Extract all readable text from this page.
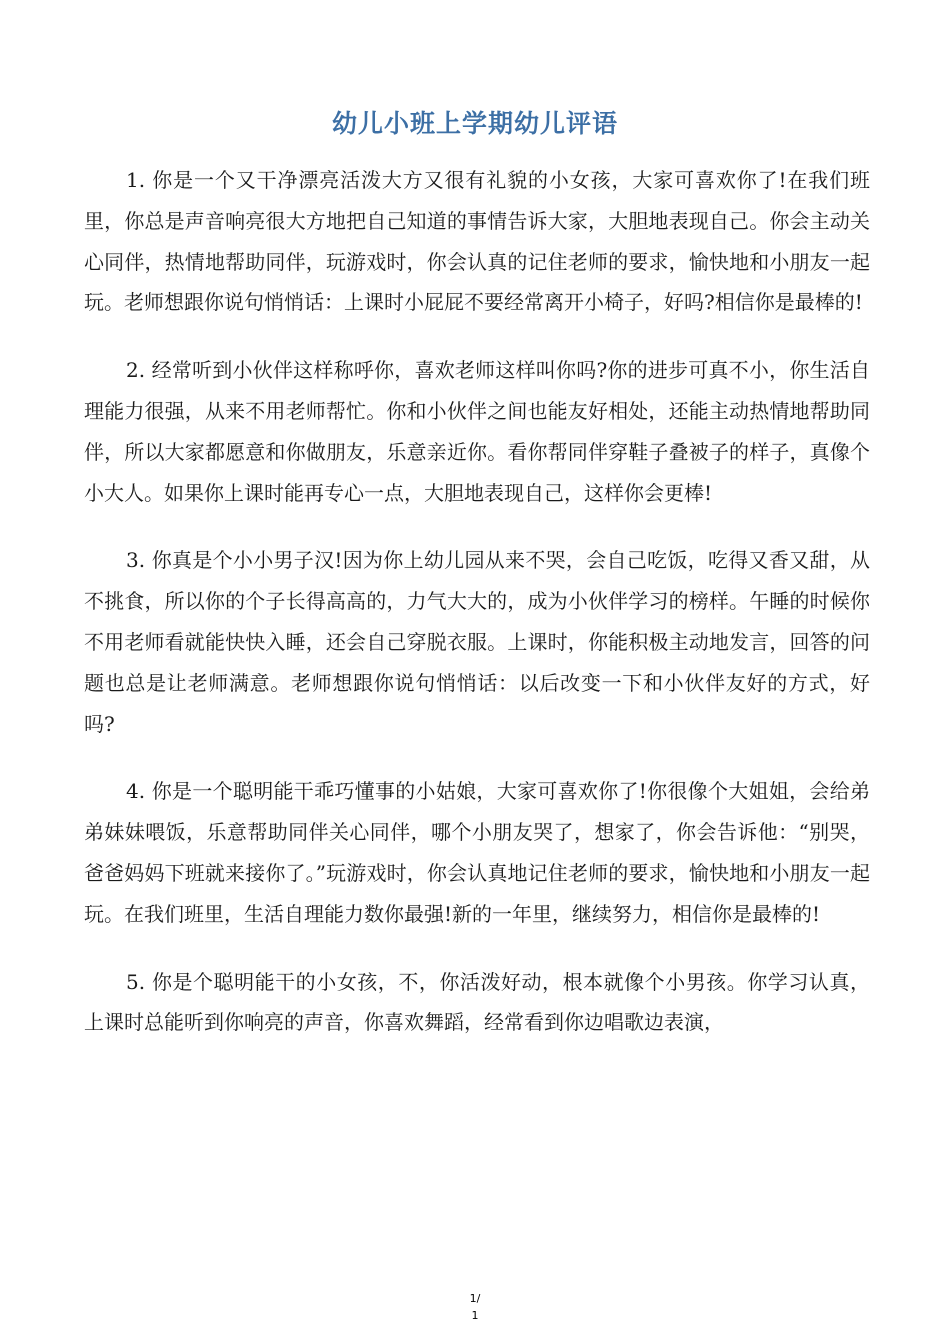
幼儿小班上学期幼儿评语

1. 你是一个又干净漂亮活泼大方又很有礼貌的小女孩，大家可喜欢你了!在我们班里，你总是声音响亮很大方地把自己知道的事情告诉大家，大胆地表现自己。你会主动关心同伴，热情地帮助同伴，玩游戏时，你会认真的记住老师的要求，愉快地和小朋友一起玩。老师想跟你说句悄悄话：上课时小屁屁不要经常离开小椅子，好吗?相信你是最棒的!

2. 经常听到小伙伴这样称呼你，喜欢老师这样叫你吗?你的进步可真不小，你生活自理能力很强，从来不用老师帮忙。你和小伙伴之间也能友好相处，还能主动热情地帮助同伴，所以大家都愿意和你做朋友，乐意亲近你。看你帮同伴穿鞋子叠被子的样子，真像个小大人。如果你上课时能再专心一点，大胆地表现自己，这样你会更棒!

3. 你真是个小小男子汉!因为你上幼儿园从来不哭，会自己吃饭，吃得又香又甜，从不挑食，所以你的个子长得高高的，力气大大的，成为小伙伴学习的榜样。午睡的时候你不用老师看就能快快入睡，还会自己穿脱衣服。上课时，你能积极主动地发言，回答的问题也总是让老师满意。老师想跟你说句悄悄话：以后改变一下和小伙伴友好的方式，好吗?

4. 你是一个聪明能干乖巧懂事的小姑娘，大家可喜欢你了!你很像个大姐姐，会给弟弟妹妹喂饭，乐意帮助同伴关心同伴，哪个小朋友哭了，想家了，你会告诉他：“别哭，爸爸妈妈下班就来接你了。”玩游戏时，你会认真地记住老师的要求，愉快地和小朋友一起玩。在我们班里，生活自理能力数你最强!新的一年里，继续努力，相信你是最棒的!

5. 你是个聪明能干的小女孩，不，你活泼好动，根本就像个小男孩。你学习认真，上课时总能听到你响亮的声音，你喜欢舞蹈，经常看到你边唱歌边表演，

1/
1
